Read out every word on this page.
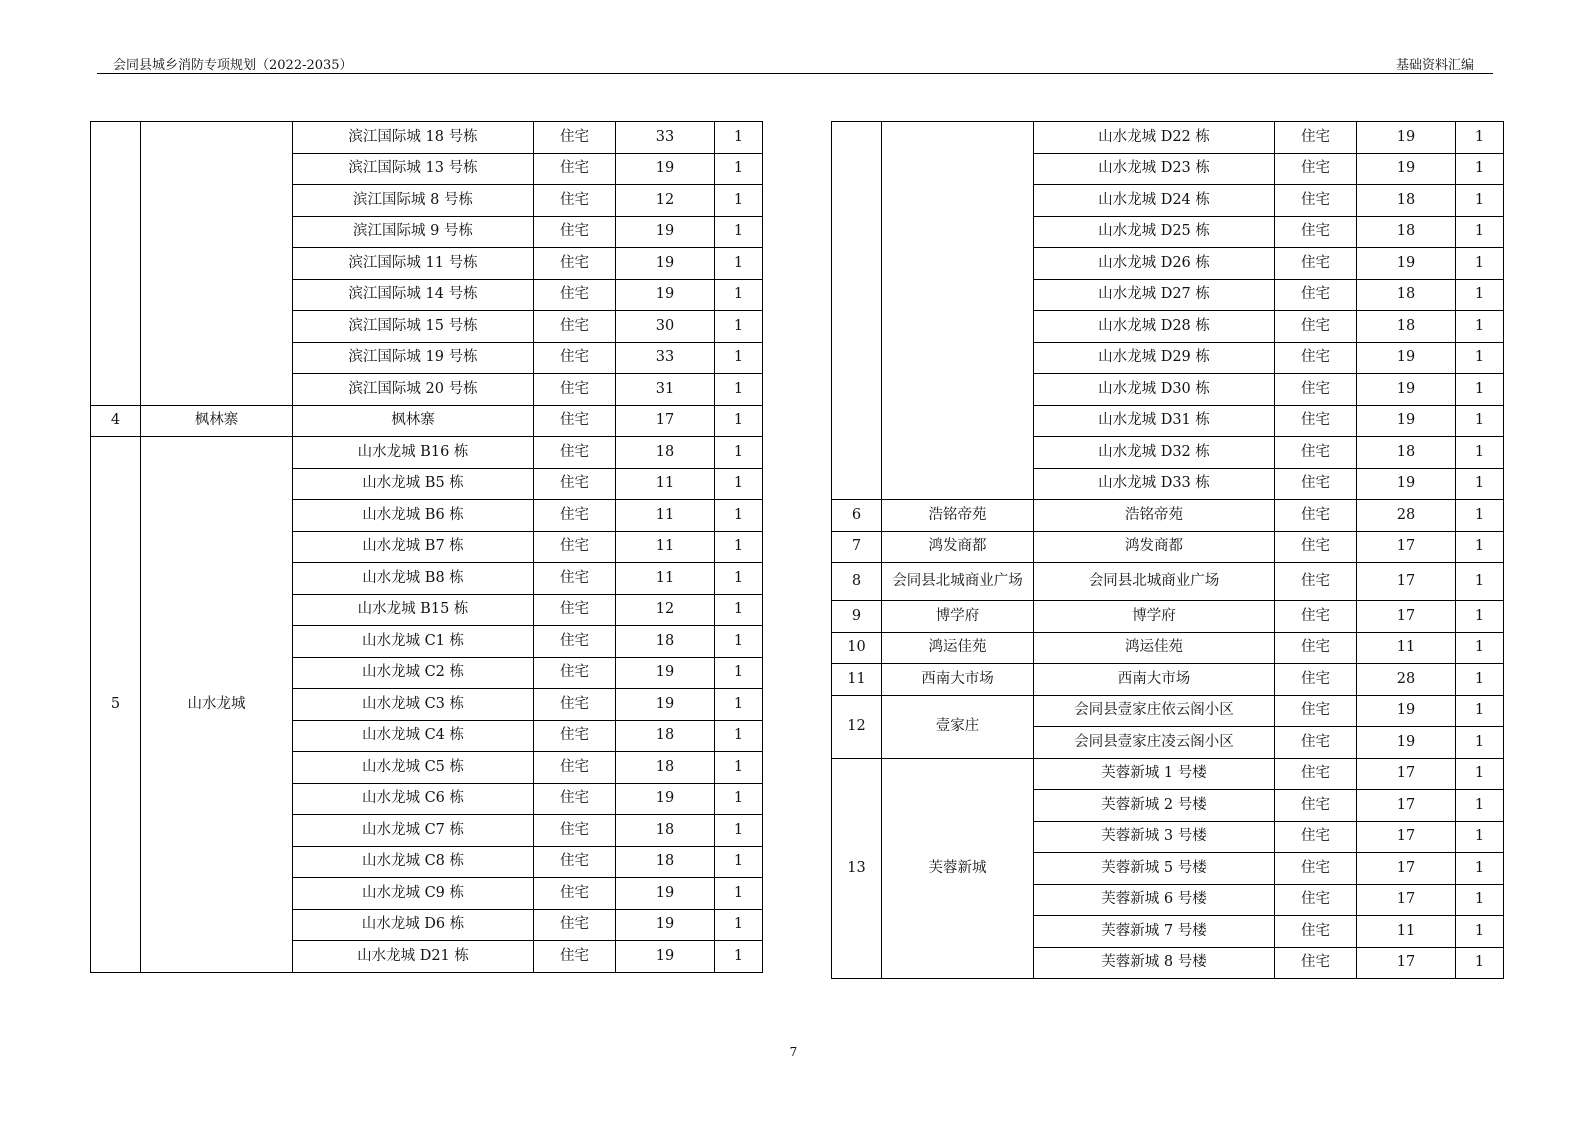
会同县城乡消防专项规划（2022-2035）	基础资料汇编
		滨江国际城 18 号栋	住宅	33	1
		滨江国际城 13 号栋	住宅	19	1
		滨江国际城 8 号栋	住宅	12	1
		滨江国际城 9 号栋	住宅	19	1
		滨江国际城 11 号栋	住宅	19	1
		滨江国际城 14 号栋	住宅	19	1
		滨江国际城 15 号栋	住宅	30	1
		滨江国际城 19 号栋	住宅	33	1
		滨江国际城 20 号栋	住宅	31	1
4	枫林寨	枫林寨	住宅	17	1
5	山水龙城	山水龙城 B16 栋	住宅	18	1
		山水龙城 B5 栋	住宅	11	1
		山水龙城 B6 栋	住宅	11	1
		山水龙城 B7 栋	住宅	11	1
		山水龙城 B8 栋	住宅	11	1
		山水龙城 B15 栋	住宅	12	1
		山水龙城 C1 栋	住宅	18	1
		山水龙城 C2 栋	住宅	19	1
		山水龙城 C3 栋	住宅	19	1
		山水龙城 C4 栋	住宅	18	1
		山水龙城 C5 栋	住宅	18	1
		山水龙城 C6 栋	住宅	19	1
		山水龙城 C7 栋	住宅	18	1
		山水龙城 C8 栋	住宅	18	1
		山水龙城 C9 栋	住宅	19	1
		山水龙城 D6 栋	住宅	19	1
		山水龙城 D21 栋	住宅	19	1
		山水龙城 D22 栋	住宅	19	1
		山水龙城 D23 栋	住宅	19	1
		山水龙城 D24 栋	住宅	18	1
		山水龙城 D25 栋	住宅	18	1
		山水龙城 D26 栋	住宅	19	1
		山水龙城 D27 栋	住宅	18	1
		山水龙城 D28 栋	住宅	18	1
		山水龙城 D29 栋	住宅	19	1
		山水龙城 D30 栋	住宅	19	1
		山水龙城 D31 栋	住宅	19	1
		山水龙城 D32 栋	住宅	18	1
		山水龙城 D33 栋	住宅	19	1
6	浩铭帝苑	浩铭帝苑	住宅	28	1
7	鸿发商都	鸿发商都	住宅	17	1
8	会同县北城商业广场	会同县北城商业广场	住宅	17	1
9	博学府	博学府	住宅	17	1
10	鸿运佳苑	鸿运佳苑	住宅	11	1
11	西南大市场	西南大市场	住宅	28	1
12	壹家庄	会同县壹家庄依云阁小区	住宅	19	1
		会同县壹家庄凌云阁小区	住宅	19	1
13	芙蓉新城	芙蓉新城 1 号楼	住宅	17	1
		芙蓉新城 2 号楼	住宅	17	1
		芙蓉新城 3 号楼	住宅	17	1
		芙蓉新城 5 号楼	住宅	17	1
		芙蓉新城 6 号楼	住宅	17	1
		芙蓉新城 7 号楼	住宅	11	1
		芙蓉新城 8 号楼	住宅	17	1
7
